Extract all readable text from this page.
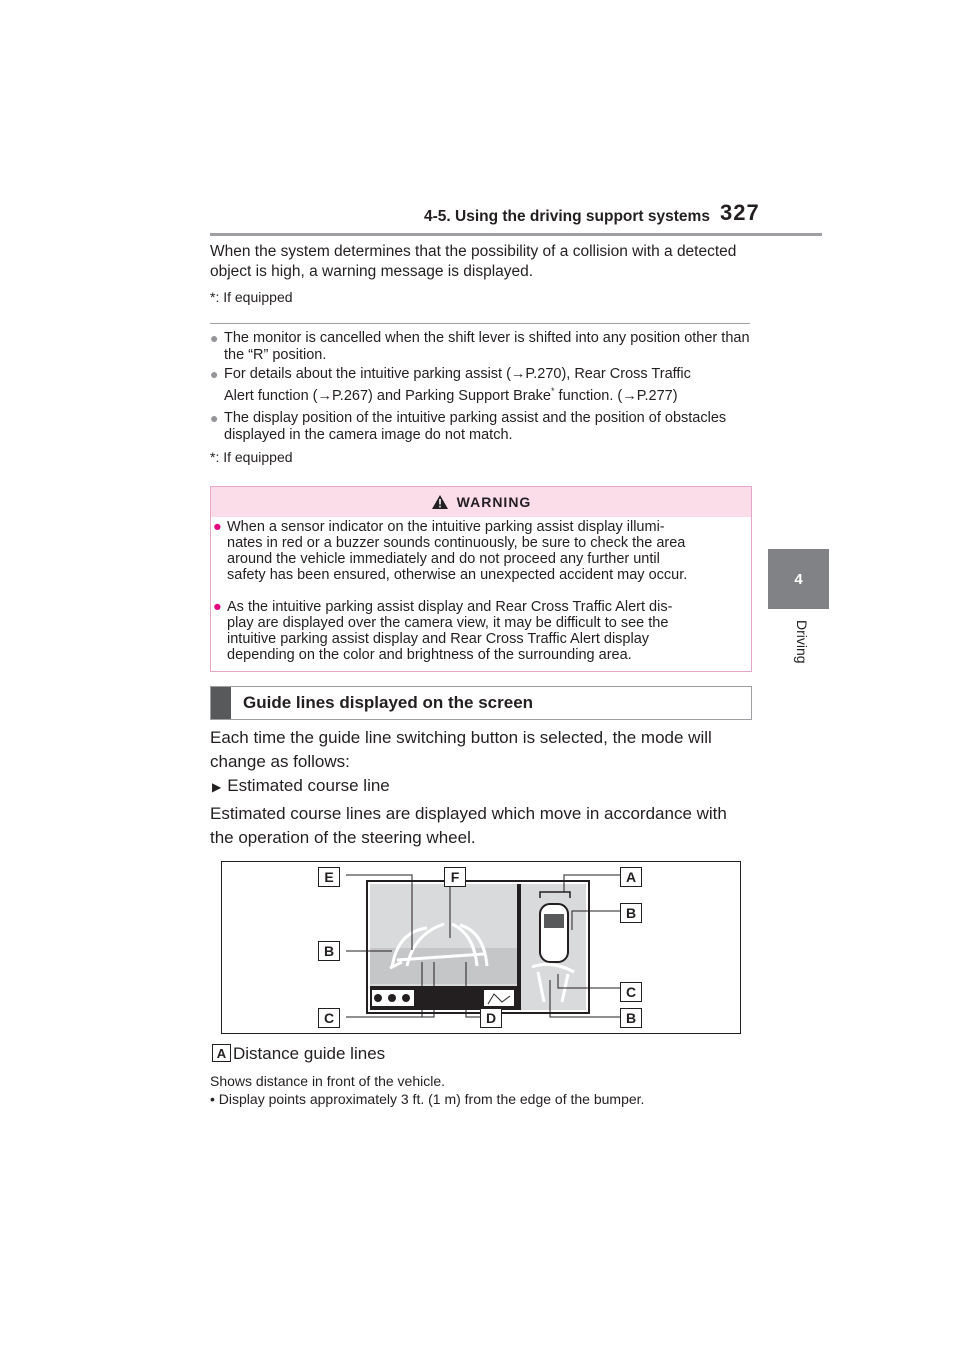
4-5. Using the driving support systems 327
4
Driving
When the system determines that the possibility of a collision with a detected object is high, a warning message is displayed.
*: If equipped
● The monitor is cancelled when the shift lever is shifted into any position other than the “R” position.
● For details about the intuitive parking assist (→P.270), Rear Cross Traffic
Alert function (→P.267) and Parking Support Brake* function. (→P.277)
● The display position of the intuitive parking assist and the position of obstacles displayed in the camera image do not match.
*: If equipped
WARNING
● When a sensor indicator on the intuitive parking assist display illumi-
nates in red or a buzzer sounds continuously, be sure to check the area
around the vehicle immediately and do not proceed any further until
safety has been ensured, otherwise an unexpected accident may occur.
● As the intuitive parking assist display and Rear Cross Traffic Alert dis-
play are displayed over the camera view, it may be difficult to see the
intuitive parking assist display and Rear Cross Traffic Alert display
depending on the color and brightness of the surrounding area.
Guide lines displayed on the screen
Each time the guide line switching button is selected, the mode will
change as follows:
▶ Estimated course line
Estimated course lines are displayed which move in accordance with
the operation of the steering wheel.
E	F	A
B
B
C
C	D	B
A Distance guide lines
Shows distance in front of the vehicle.
• Display points approximately 3 ft. (1 m) from the edge of the bumper.
